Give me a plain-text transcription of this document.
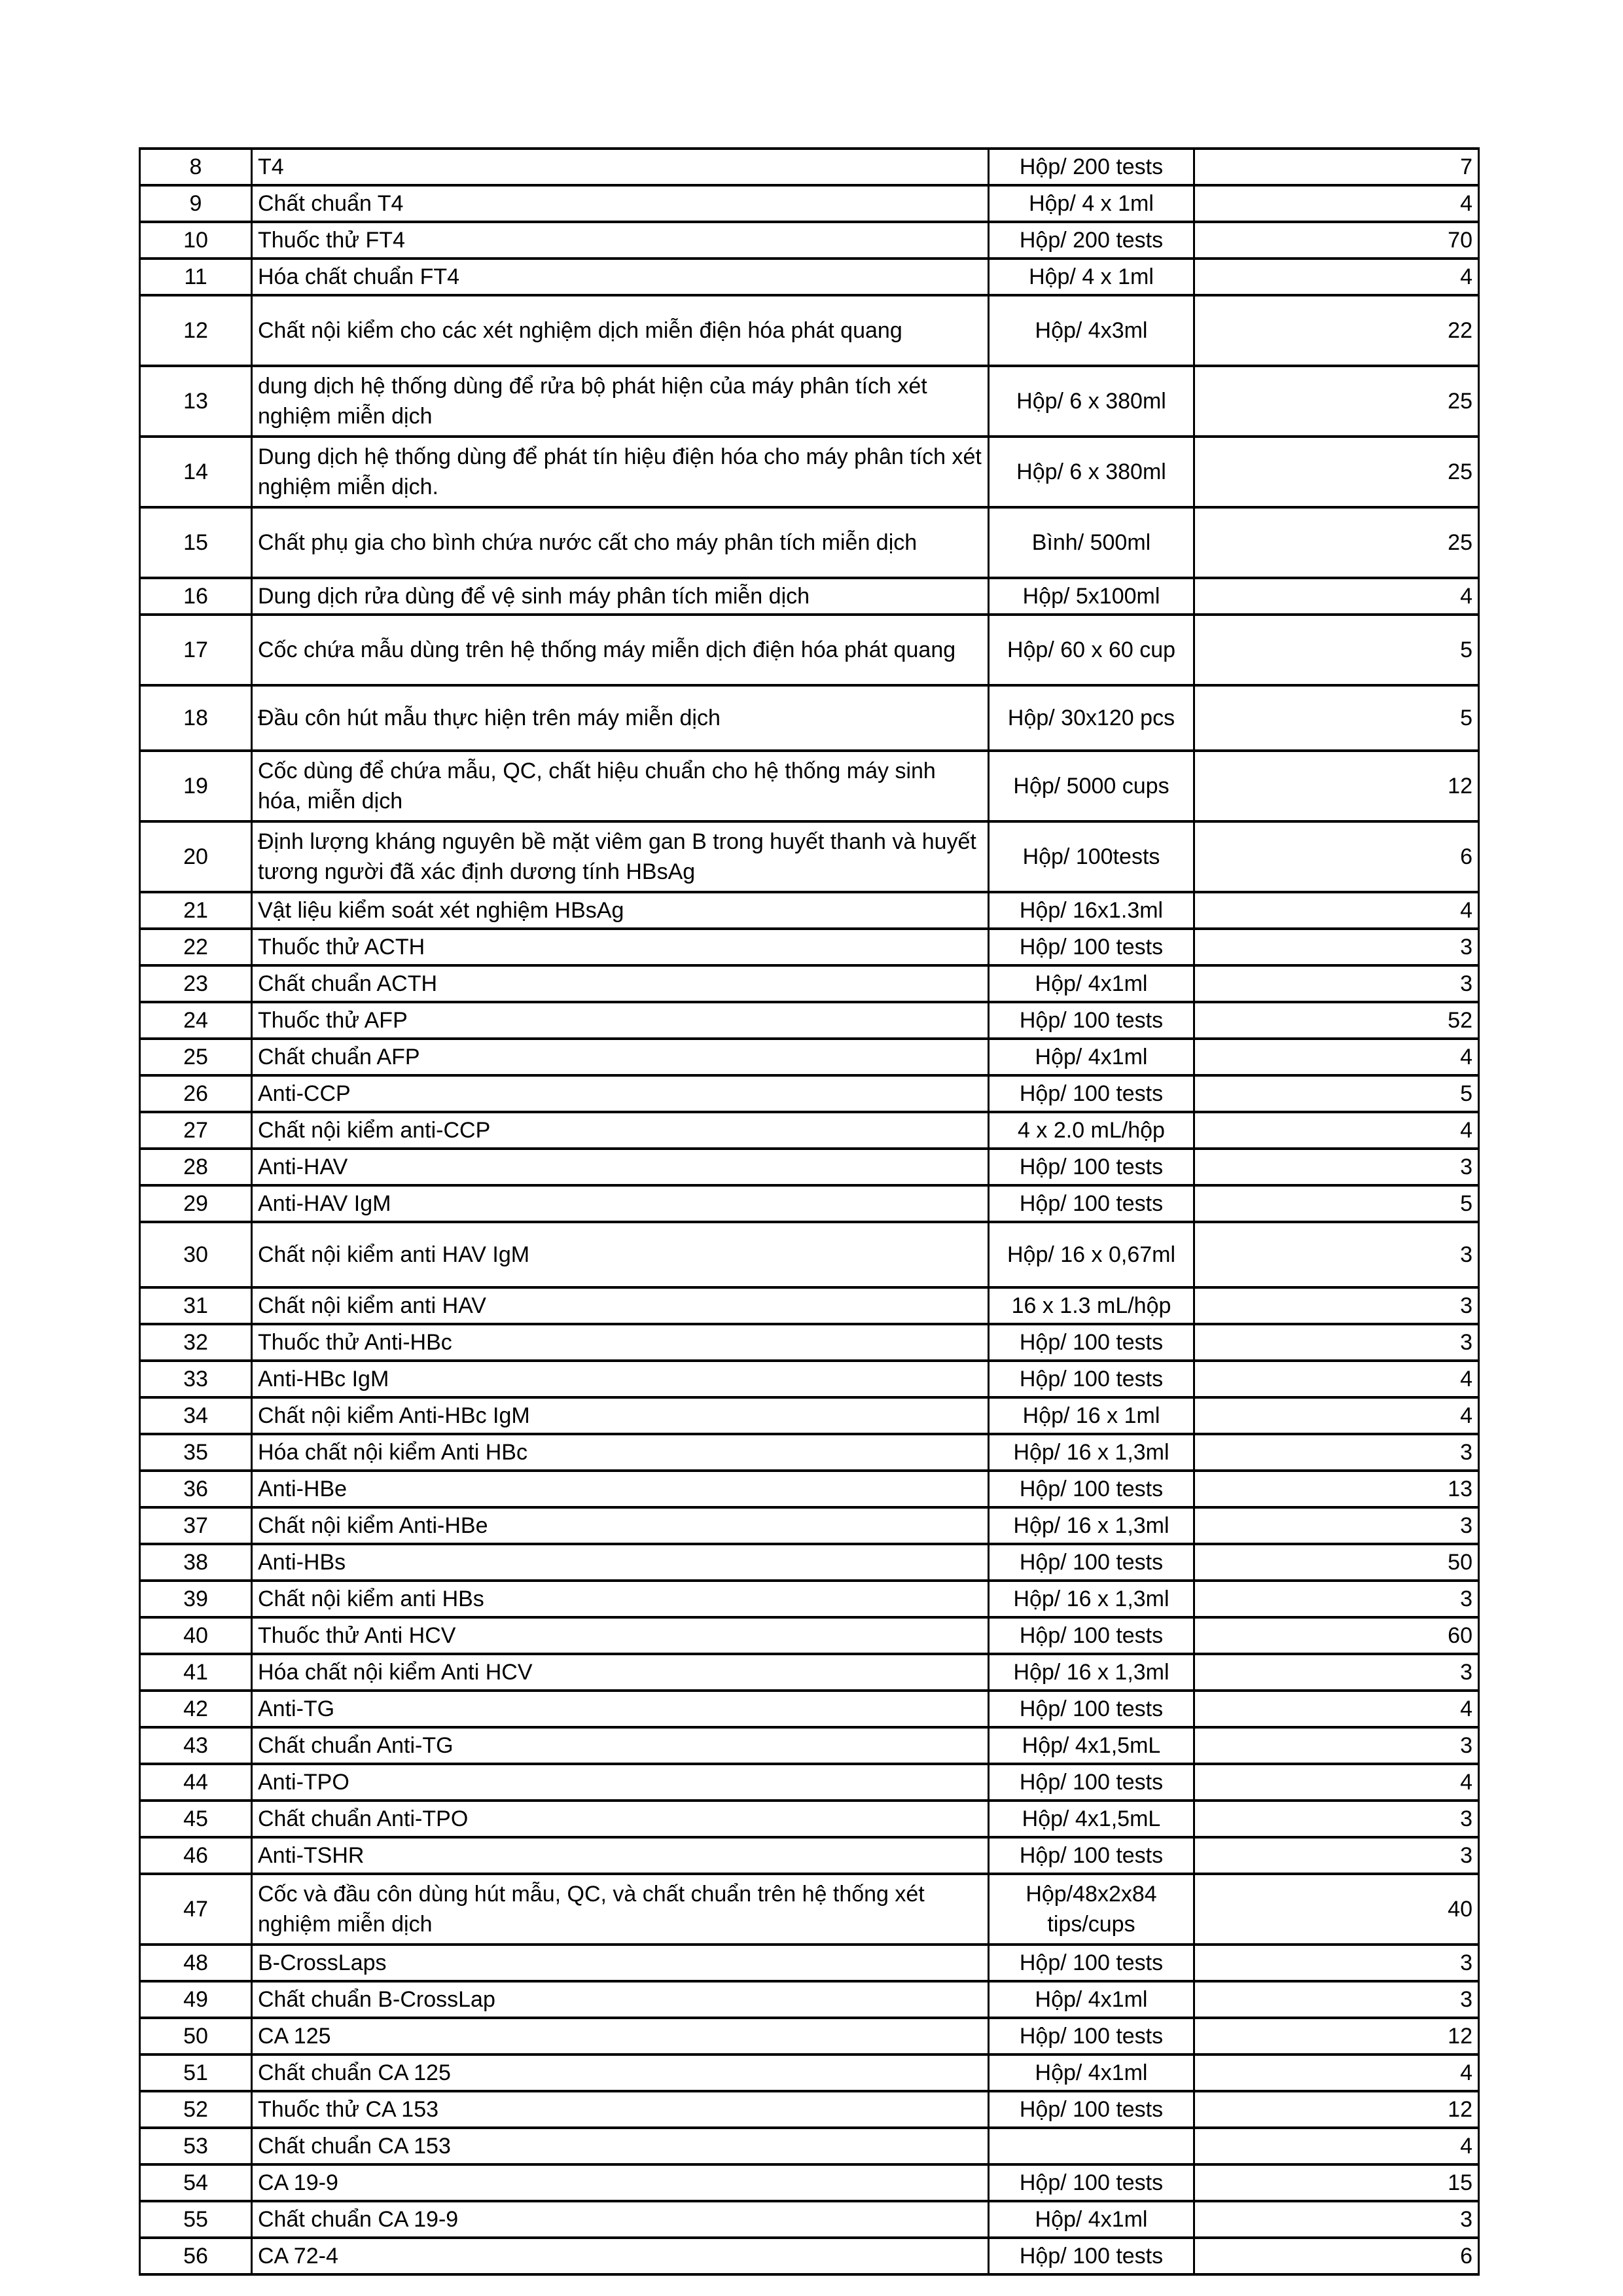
8	T4	Hộp/ 200 tests	7
9	Chất chuẩn T4	Hộp/ 4 x 1ml	4
10	Thuốc thử FT4	Hộp/ 200 tests	70
11	Hóa chất chuẩn FT4	Hộp/ 4 x 1ml	4
12	Chất nội kiểm cho các xét nghiệm dịch miễn điện hóa phát quang	Hộp/ 4x3ml	22
13	dung dịch hệ thống dùng để rửa bộ phát hiện của máy phân tích xét nghiệm miễn dịch	Hộp/ 6 x 380ml	25
14	Dung dịch hệ thống dùng để phát tín hiệu điện hóa cho máy phân tích xét nghiệm miễn dịch.	Hộp/ 6 x 380ml	25
15	Chất phụ gia cho bình chứa nước cất cho máy phân tích miễn dịch	Bình/ 500ml	25
16	Dung dịch rửa dùng để vệ sinh máy phân tích miễn dịch	Hộp/ 5x100ml	4
17	Cốc chứa mẫu dùng trên hệ thống máy miễn dịch điện hóa phát quang	Hộp/ 60 x 60 cup	5
18	Đầu côn hút mẫu thực hiện trên máy miễn dịch	Hộp/ 30x120 pcs	5
19	Cốc dùng để chứa mẫu, QC, chất hiệu chuẩn cho hệ thống máy sinh hóa, miễn dịch	Hộp/ 5000 cups	12
20	Định lượng kháng nguyên bề mặt viêm gan B trong huyết thanh và huyết tương người đã xác định dương tính HBsAg	Hộp/ 100tests	6
21	Vật liệu kiểm soát xét nghiệm HBsAg	Hộp/ 16x1.3ml	4
22	Thuốc thử ACTH	Hộp/ 100 tests	3
23	Chất chuẩn ACTH	Hộp/ 4x1ml	3
24	Thuốc thử AFP	Hộp/ 100 tests	52
25	Chất chuẩn AFP	Hộp/ 4x1ml	4
26	Anti-CCP	Hộp/ 100 tests	5
27	Chất nội kiểm anti-CCP	4 x 2.0 mL/hộp	4
28	Anti-HAV	Hộp/ 100 tests	3
29	Anti-HAV IgM	Hộp/ 100 tests	5
30	Chất nội kiểm anti HAV IgM	Hộp/ 16 x 0,67ml	3
31	Chất nội kiểm anti HAV	16 x 1.3 mL/hộp	3
32	Thuốc thử Anti-HBc	Hộp/ 100 tests	3
33	Anti-HBc IgM	Hộp/ 100 tests	4
34	Chất nội kiểm Anti-HBc IgM	Hộp/ 16 x 1ml	4
35	Hóa chất nội kiểm Anti HBc	Hộp/ 16 x 1,3ml	3
36	Anti-HBe	Hộp/ 100 tests	13
37	Chất nội kiểm Anti-HBe	Hộp/ 16 x 1,3ml	3
38	Anti-HBs	Hộp/ 100 tests	50
39	Chất nội kiểm anti HBs	Hộp/ 16 x 1,3ml	3
40	Thuốc thử Anti HCV	Hộp/ 100 tests	60
41	Hóa chất nội kiểm Anti HCV	Hộp/ 16 x 1,3ml	3
42	Anti-TG	Hộp/ 100 tests	4
43	Chất chuẩn Anti-TG	Hộp/ 4x1,5mL	3
44	Anti-TPO	Hộp/ 100 tests	4
45	Chất chuẩn Anti-TPO	Hộp/ 4x1,5mL	3
46	Anti-TSHR	Hộp/ 100 tests	3
47	Cốc và đầu côn dùng hút mẫu, QC, và chất chuẩn trên hệ thống xét nghiệm miễn dịch	Hộp/48x2x84 tips/cups	40
48	B-CrossLaps	Hộp/ 100 tests	3
49	Chất chuẩn B-CrossLap	Hộp/ 4x1ml	3
50	CA 125	Hộp/ 100 tests	12
51	Chất chuẩn CA 125	Hộp/ 4x1ml	4
52	Thuốc thử CA 153	Hộp/ 100 tests	12
53	Chất chuẩn CA 153		4
54	CA 19-9	Hộp/ 100 tests	15
55	Chất chuẩn CA 19-9	Hộp/ 4x1ml	3
56	CA 72-4	Hộp/ 100 tests	6
